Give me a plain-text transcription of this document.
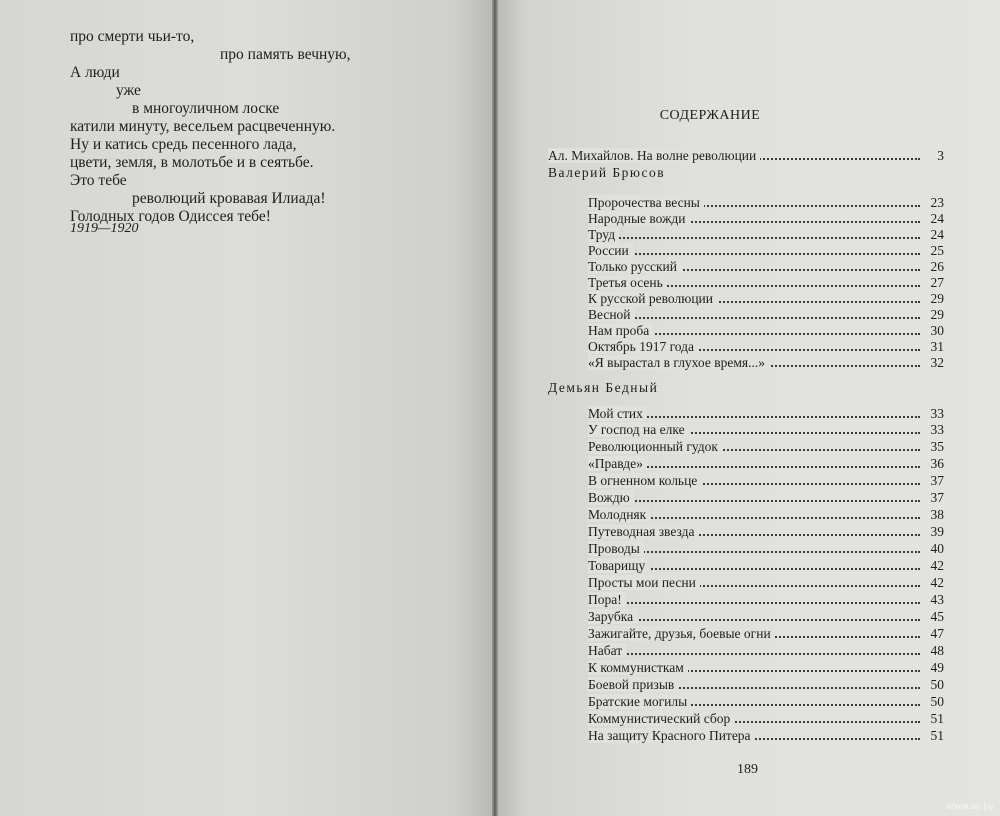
про смерти чьи-то,
про память вечную,
А люди
уже
в многоуличном лоске
катили минуту, весельем расцвеченную.
Ну и катись средь песенного лада,
цвети, земля, в молотьбе и в сеятьбе.
Это тебе
революций кровавая Илиада!
Голодных годов Одиссея тебе!
1919—1920
СОДЕРЖАНИЕ
Ал. Михайлов. На волне революции	3
Валерий Брюсов
Пророчества весны	23
Народные вожди	24
Труд	24
России	25
Только русский	26
Третья осень	27
К русской революции	29
Весной	29
Нам проба	30
Октябрь 1917 года	31
«Я вырастал в глухое время...»	32
Демьян Бедный
Мой стих	33
У господ на елке	33
Революционный гудок	35
«Правде»	36
В огненном кольце	37
Вождю	37
Молодняк	38
Путеводная звезда	39
Проводы	40
Товарищу	42
Просты мои песни	42
Пора!	43
Зарубка	45
Зажигайте, друзья, боевые огни	47
Набат	48
К коммунисткам	49
Боевой призыв	50
Братские могилы	50
Коммунистический сбор	51
На защиту Красного Питера	51
189
www.ay.by
